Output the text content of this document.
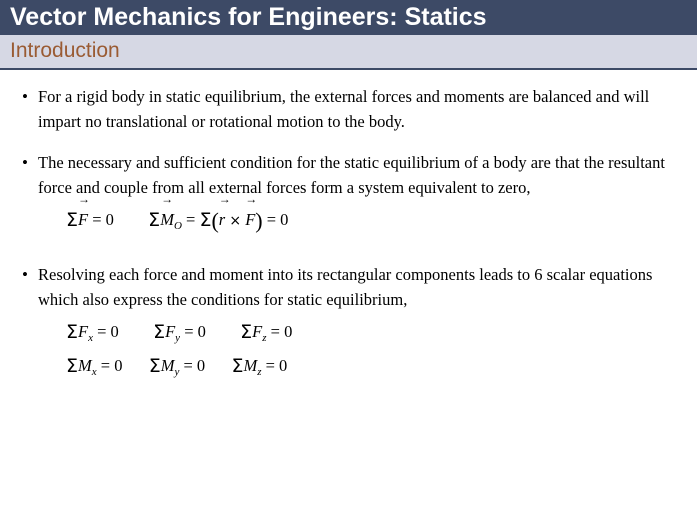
Vector Mechanics for Engineers: Statics
Introduction
• For a rigid body in static equilibrium, the external forces and moments are balanced and will impart no translational or rotational motion to the body.
• The necessary and sufficient condition for the static equilibrium of a body are that the resultant force and couple from all external forces form a system equivalent to zero,
ΣF → = 0 $\Sigma M \to_O = \Sigma(r$ → × F →) = 0
• Resolving each force and moment into its rectangular components leads to 6 scalar equations which also express the conditions for static equilibrium,
$\Sigma F_x = 0$ $\Sigma F_y = 0$ $\Sigma F_z = 0$
$\Sigma M_x = 0$ $\Sigma M_y = 0$ $\Sigma M_z = 0$
